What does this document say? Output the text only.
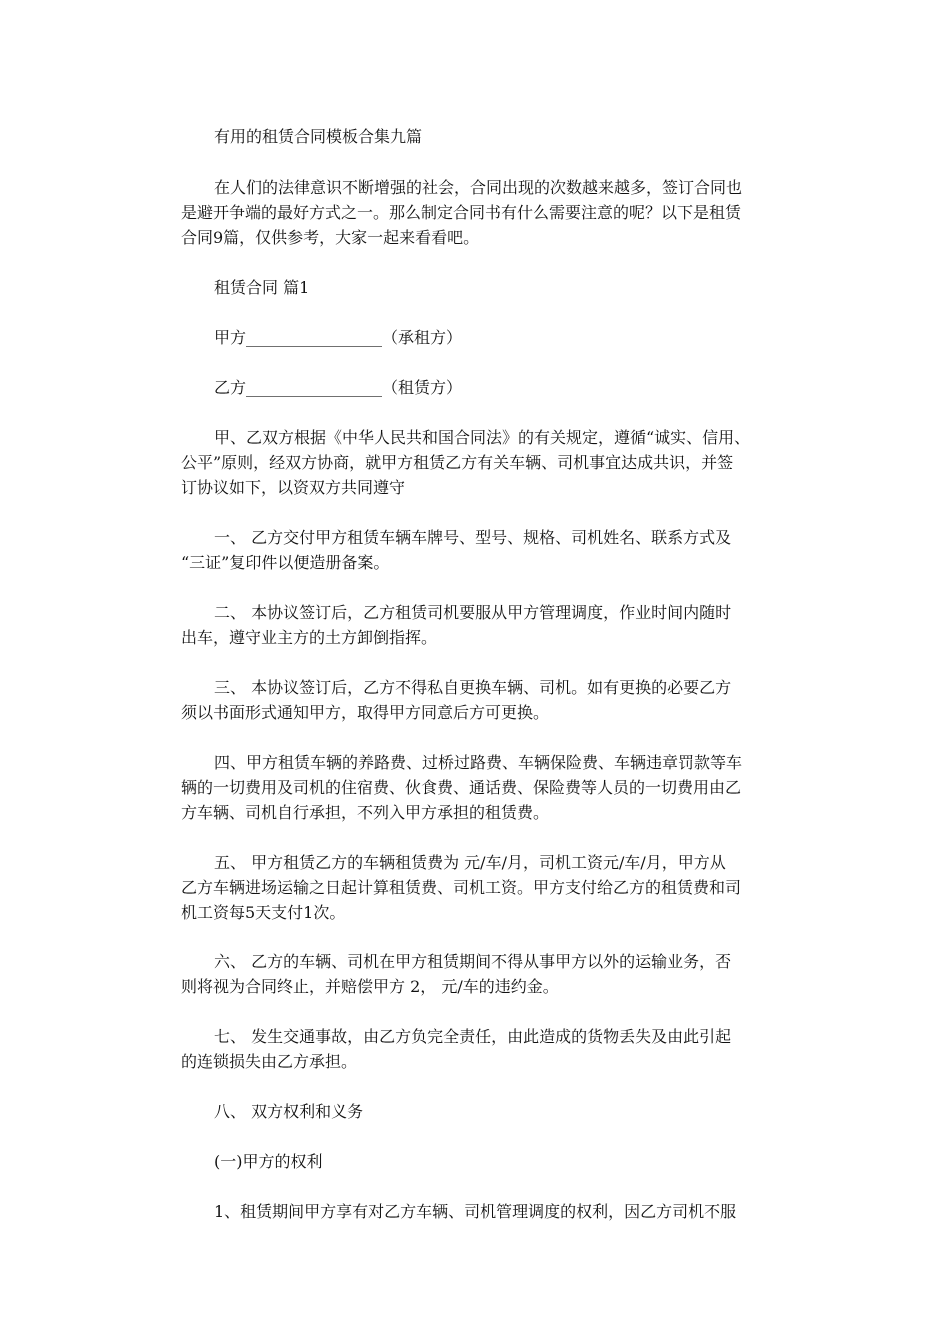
有用的租赁合同模板合集九篇
在人们的法律意识不断增强的社会，合同出现的次数越来越多，签订合同也
是避开争端的最好方式之一。那么制定合同书有什么需要注意的呢？以下是租赁
合同9篇，仅供参考，大家一起来看看吧。
租赁合同 篇1
甲方_________________（承租方）
乙方_________________（租赁方）
甲、乙双方根据《中华人民共和国合同法》的有关规定，遵循“诚实、信用、
公平”原则，经双方协商，就甲方租赁乙方有关车辆、司机事宜达成共识，并签
订协议如下，以资双方共同遵守
一、 乙方交付甲方租赁车辆车牌号、型号、规格、司机姓名、联系方式及
“三证”复印件以便造册备案。
二、 本协议签订后，乙方租赁司机要服从甲方管理调度，作业时间内随时
出车，遵守业主方的土方卸倒指挥。
三、 本协议签订后，乙方不得私自更换车辆、司机。如有更换的必要乙方
须以书面形式通知甲方，取得甲方同意后方可更换。
四、甲方租赁车辆的养路费、过桥过路费、车辆保险费、车辆违章罚款等车
辆的一切费用及司机的住宿费、伙食费、通话费、保险费等人员的一切费用由乙
方车辆、司机自行承担，不列入甲方承担的租赁费。
五、 甲方租赁乙方的车辆租赁费为 元/车/月，司机工资元/车/月，甲方从
乙方车辆进场运输之日起计算租赁费、司机工资。甲方支付给乙方的租赁费和司
机工资每5天支付1次。
六、 乙方的车辆、司机在甲方租赁期间不得从事甲方以外的运输业务，否
则将视为合同终止，并赔偿甲方 2， 元/车的违约金。
七、 发生交通事故，由乙方负完全责任，由此造成的货物丢失及由此引起
的连锁损失由乙方承担。
八、 双方权利和义务
(一)甲方的权利
1、租赁期间甲方享有对乙方车辆、司机管理调度的权利，因乙方司机不服
